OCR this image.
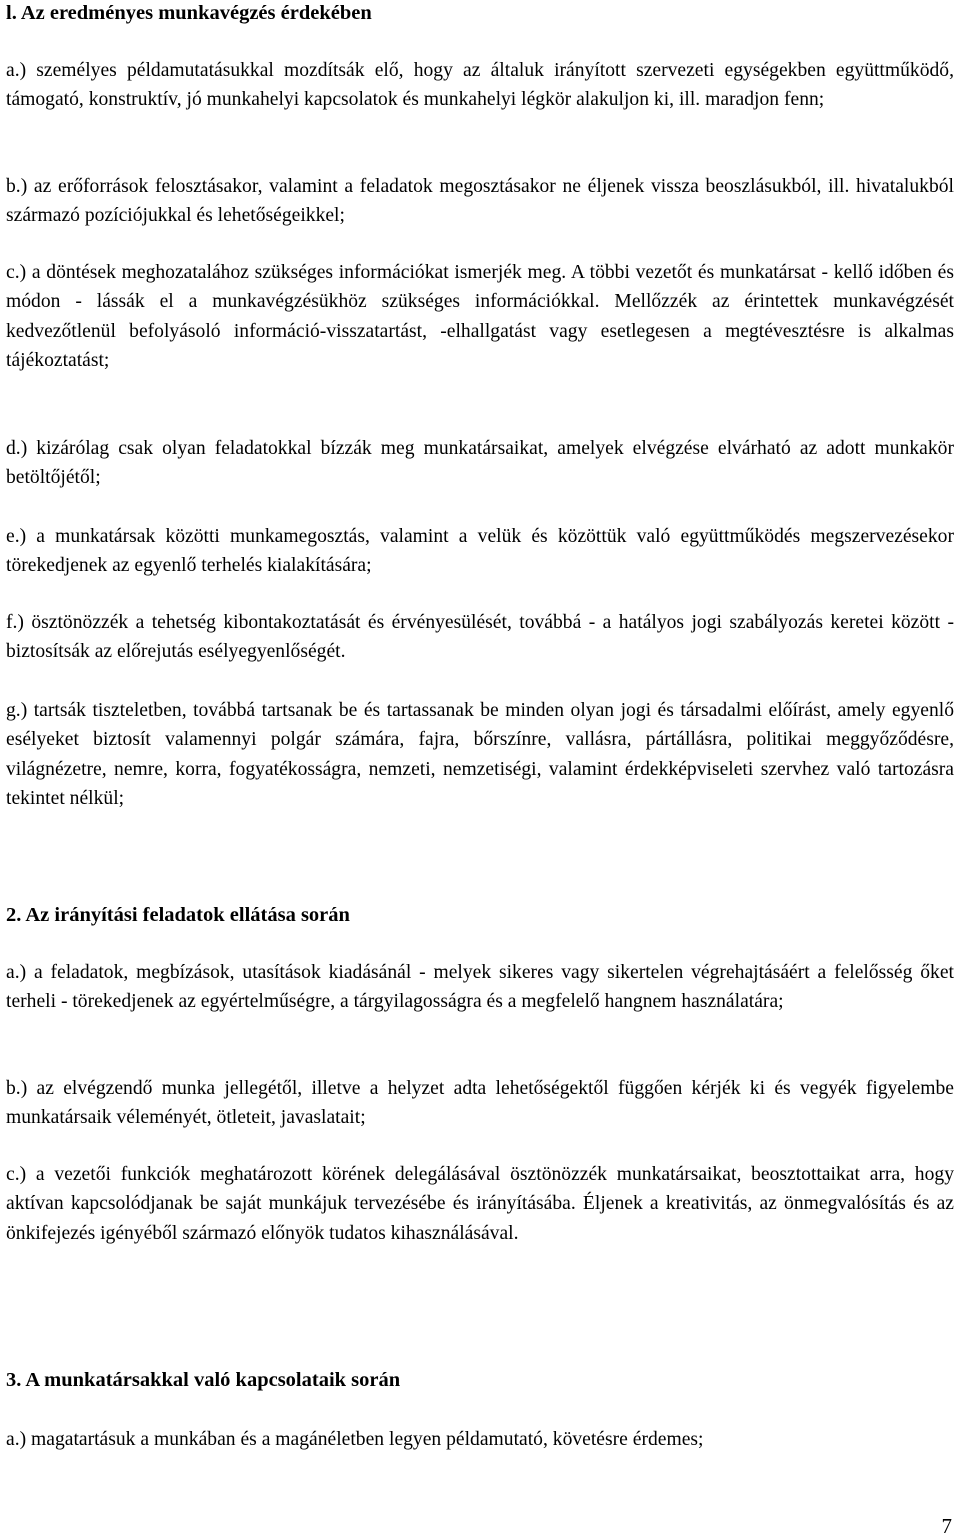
l. Az eredményes munkavégzés érdekében

a.) személyes példamutatásukkal mozdítsák elő, hogy az általuk irányított szervezeti egységekben együttműködő, támogató, konstruktív, jó munkahelyi kapcsolatok és munkahelyi légkör alakuljon ki, ill. maradjon fenn;

b.) az erőforrások felosztásakor, valamint a feladatok megosztásakor ne éljenek vissza beoszlásukból, ill. hivatalukból származó pozíciójukkal és lehetőségeikkel;

c.) a döntések meghozatalához szükséges információkat ismerjék meg. A többi vezetőt és munkatársat - kellő időben és módon - lássák el a munkavégzésükhöz szükséges információkkal. Mellőzzék az érintettek munkavégzését kedvezőtlenül befolyásoló információ-visszatartást, -elhallgatást vagy esetlegesen a megtévesztésre is alkalmas tájékoztatást;

d.) kizárólag csak olyan feladatokkal bízzák meg munkatársaikat, amelyek elvégzése elvárható az adott munkakör betöltőjétől;

e.) a munkatársak közötti munkamegosztás, valamint a velük és közöttük való együttműködés megszervezésekor törekedjenek az egyenlő terhelés kialakítására;

f.) ösztönözzék a tehetség kibontakoztatását és érvényesülését, továbbá - a hatályos jogi szabályozás keretei között - biztosítsák az előrejutás esélyegyenlőségét.

g.) tartsák tiszteletben, továbbá tartsanak be és tartassanak be minden olyan jogi és társadalmi előírást, amely egyenlő esélyeket biztosít valamennyi polgár számára, fajra, bőrszínre, vallásra, pártállásra, politikai meggyőződésre, világnézetre, nemre, korra, fogyatékosságra, nemzeti, nemzetiségi, valamint érdekképviseleti szervhez való tartozásra tekintet nélkül;

2. Az irányítási feladatok ellátása során

a.) a feladatok, megbízások, utasítások kiadásánál - melyek sikeres vagy sikertelen végrehajtásáért a felelősség őket terheli - törekedjenek az egyértelműségre, a tárgyilagosságra és a megfelelő hangnem használatára;

b.) az elvégzendő munka jellegétől, illetve a helyzet adta lehetőségektől függően kérjék ki és vegyék figyelembe munkatársaik véleményét, ötleteit, javaslatait;

c.) a vezetői funkciók meghatározott körének delegálásával ösztönözzék munkatársaikat, beosztottaikat arra, hogy aktívan kapcsolódjanak be saját munkájuk tervezésébe és irányításába. Éljenek a kreativitás, az önmegvalósítás és az önkifejezés igényéből származó előnyök tudatos kihasználásával.

3. A munkatársakkal való kapcsolataik során

a.) magatartásuk a munkában és a magánéletben legyen példamutató, követésre érdemes;

7
